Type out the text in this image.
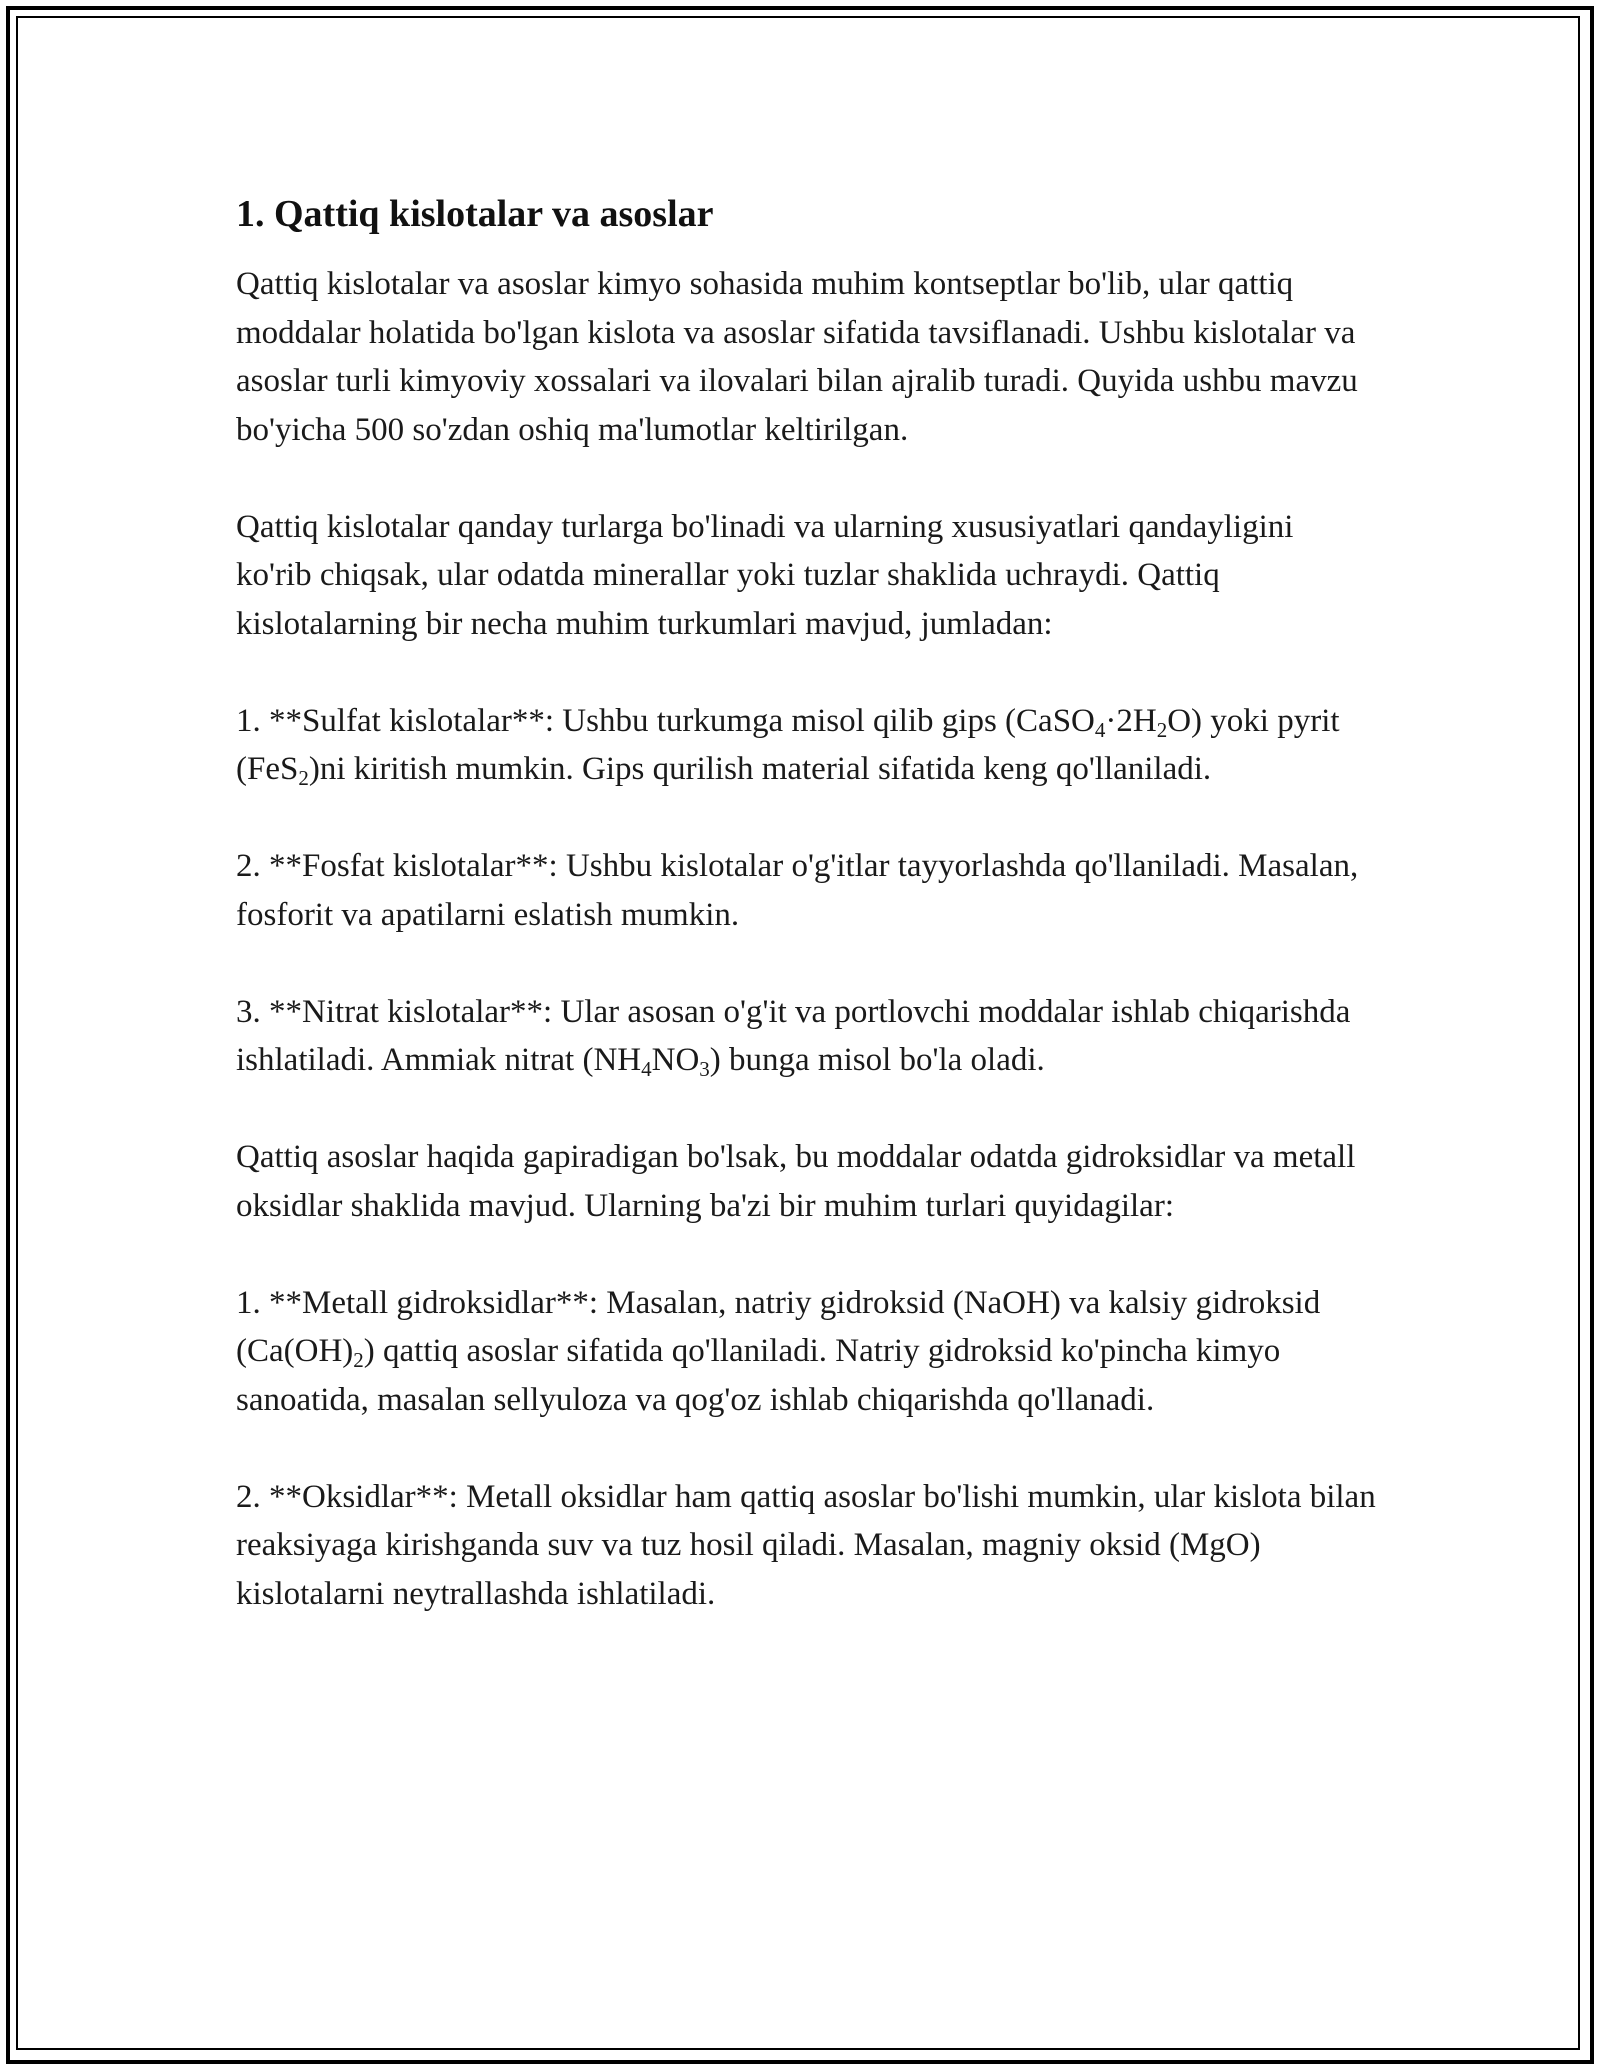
1. Qattiq kislotalar va asoslar

Qattiq kislotalar va asoslar kimyo sohasida muhim kontseptlar bo'lib, ular qattiq moddalar holatida bo'lgan kislota va asoslar sifatida tavsiflanadi. Ushbu kislotalar va asoslar turli kimyoviy xossalari va ilovalari bilan ajralib turadi. Quyida ushbu mavzu bo'yicha 500 so'zdan oshiq ma'lumotlar keltirilgan.

Qattiq kislotalar qanday turlarga bo'linadi va ularning xususiyatlari qandayligini ko'rib chiqsak, ular odatda minerallar yoki tuzlar shaklida uchraydi. Qattiq kislotalarning bir necha muhim turkumlari mavjud, jumladan:

1. **Sulfat kislotalar**: Ushbu turkumga misol qilib gips $(CaSO_4\cdot 2H_2O)$ yoki pyrit (FeS$_2$)ni kiritish mumkin. Gips qurilish material sifatida keng qo'llaniladi.

2. **Fosfat kislotalar**: Ushbu kislotalar o'g'itlar tayyorlashda qo'llaniladi. Masalan, fosforit va apatilarni eslatish mumkin.

3. **Nitrat kislotalar**: Ular asosan o'g'it va portlovchi moddalar ishlab chiqarishda ishlatiladi. Ammiak nitrat $(NH_4NO_3)$ bunga misol bo'la oladi.

Qattiq asoslar haqida gapiradigan bo'lsak, bu moddalar odatda gidroksidlar va metall oksidlar shaklida mavjud. Ularning ba'zi bir muhim turlari quyidagilar:

1. **Metall gidroksidlar**: Masalan, natriy gidroksid (NaOH) va kalsiy gidroksid $(Ca(OH)_2)$ qattiq asoslar sifatida qo'llaniladi. Natriy gidroksid ko'pincha kimyo sanoatida, masalan sellyuloza va qog'oz ishlab chiqarishda qo'llanadi.

2. **Oksidlar**: Metall oksidlar ham qattiq asoslar bo'lishi mumkin, ular kislota bilan reaksiyaga kirishganda suv va tuz hosil qiladi. Masalan, magniy oksid (MgO) kislotalarni neytrallashda ishlatiladi.
